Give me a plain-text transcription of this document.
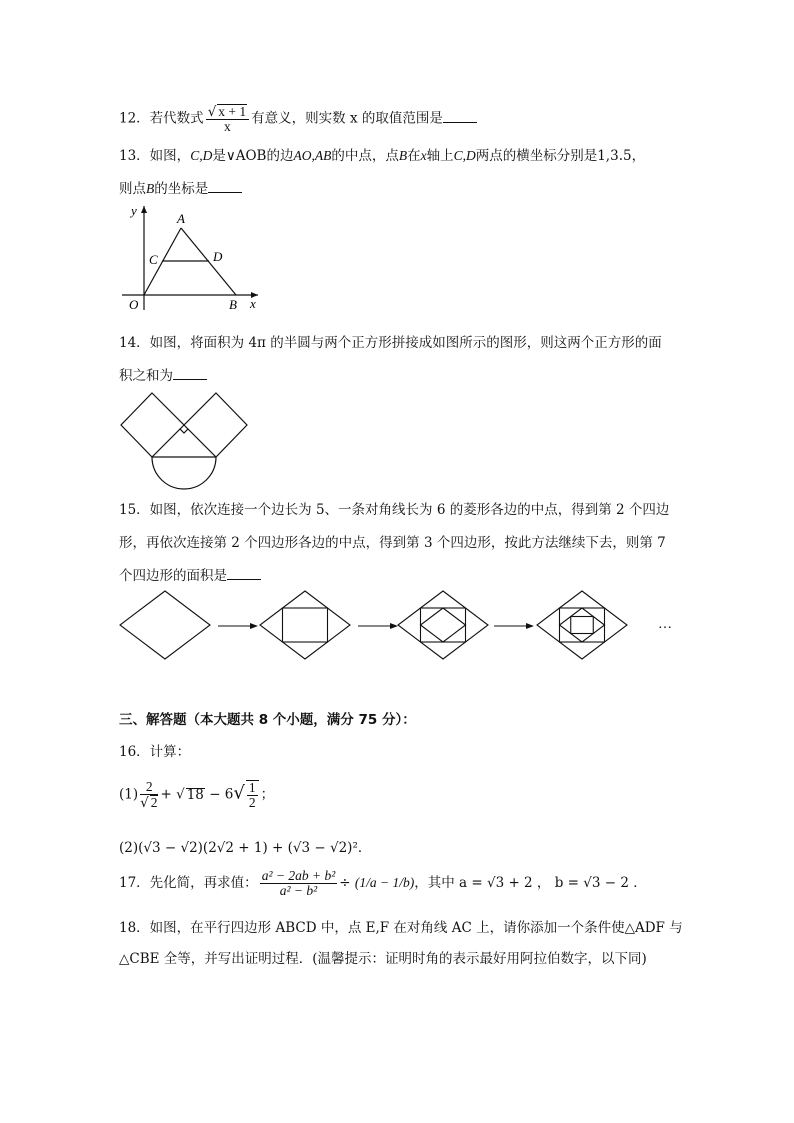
12．若代数式 $\frac{√ x + 1}{x}$ 有意义，则实数 x 的取值范围是
13．如图，C,D是∨AOB的边AO,AB的中点，点B在x轴上C,D两点的横坐标分别是1,3.5，
则点B的坐标是
y
A
C	D
O	B x
14．如图，将面积为 4π 的半圆与两个正方形拼接成如图所示的图形，则这两个正方形的面
积之和为
15．如图，依次连接一个边长为 5、一条对角线长为 6 的菱形各边的中点，得到第 2 个四边
形，再依次连接第 2 个四边形各边的中点，得到第 3 个四边形，按此方法继续下去，则第 7
个四边形的面积是
…
三、解答题（本大题共 8 个小题，满分 75 分）：
16．计算：
$(1) \frac{2}{√ 2}$ + √ $18 - 6√ \frac{1}{2}$ ；
(2)(√3 − √2)(2√2 + 1) + (√3 − √2)²．
17．先化简，再求值： $\frac{\text{a² − 2ab + b²}}{\text{a² − b²}} \div (1/a - 1/b)$，其中 a = √3 + 2 ， b = √3 − 2 ．
18．如图，在平行四边形 ABCD 中，点 E,F 在对角线 AC 上，请你添加一个条件使△ADF 与
△CBE 全等，并写出证明过程．(温馨提示：证明时角的表示最好用阿拉伯数字，以下同)
